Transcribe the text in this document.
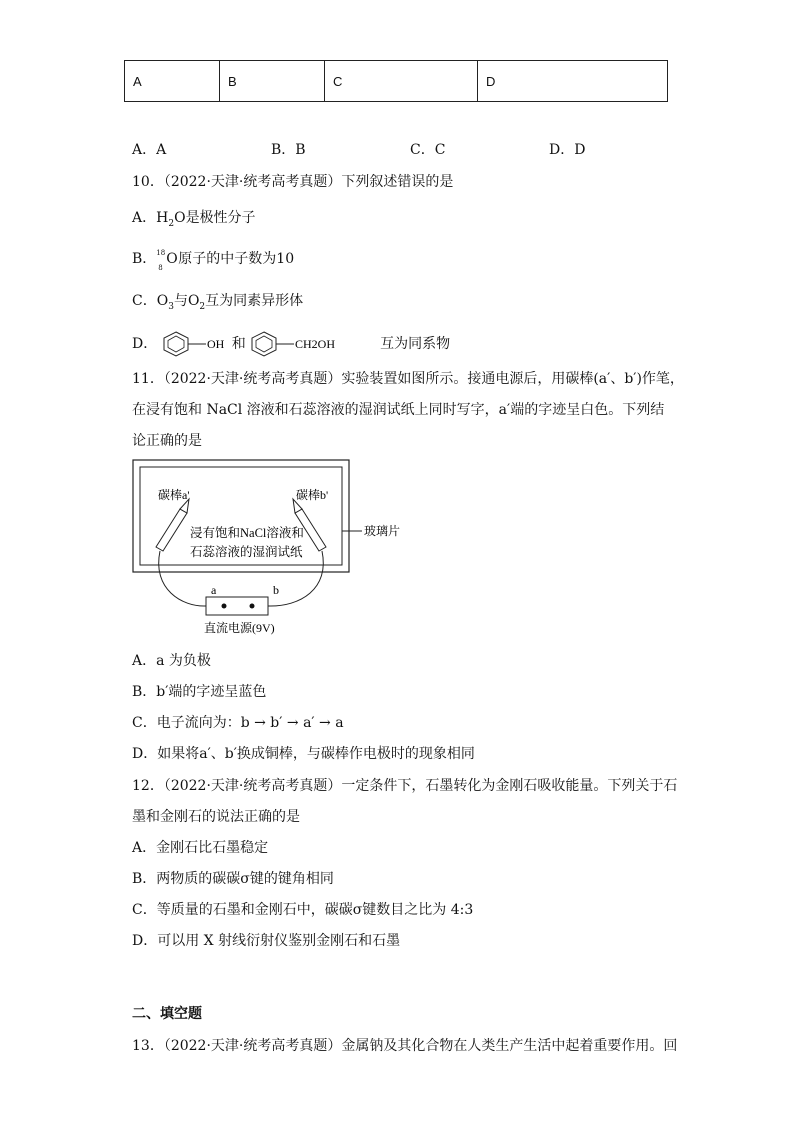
A	B	C	D
A．A	B．B	C．C	D．D
10．（2022·天津·统考高考真题）下列叙述错误的是
A．$H_2O$是极性分子
B． 18
8
O原子的中子数为10
C．$O_3$与$O_2$互为同素异形体
D．	OH 和	CH2OH	互为同系物
11．（2022·天津·统考高考真题）实验装置如图所示。接通电源后，用碳棒(a′、b′)作笔，
在浸有饱和 NaCl 溶液和石蕊溶液的湿润试纸上同时写字，a′端的字迹呈白色。下列结
论正确的是
碳棒a'	碳棒b'
浸有饱和NaCl溶液和
石蕊溶液的湿润试纸
玻璃片
a	b
直流电源(9V)
A．a 为负极
B．b′端的字迹呈蓝色
C．电子流向为：b → b′ → a′ → a
D．如果将a′、b′换成铜棒，与碳棒作电极时的现象相同
12．（2022·天津·统考高考真题）一定条件下，石墨转化为金刚石吸收能量。下列关于石
墨和金刚石的说法正确的是
A．金刚石比石墨稳定
B．两物质的碳碳σ键的键角相同
C．等质量的石墨和金刚石中，碳碳σ键数目之比为 4:3
D．可以用 X 射线衍射仪鉴别金刚石和石墨
二、填空题
13．（2022·天津·统考高考真题）金属钠及其化合物在人类生产生活中起着重要作用。回
